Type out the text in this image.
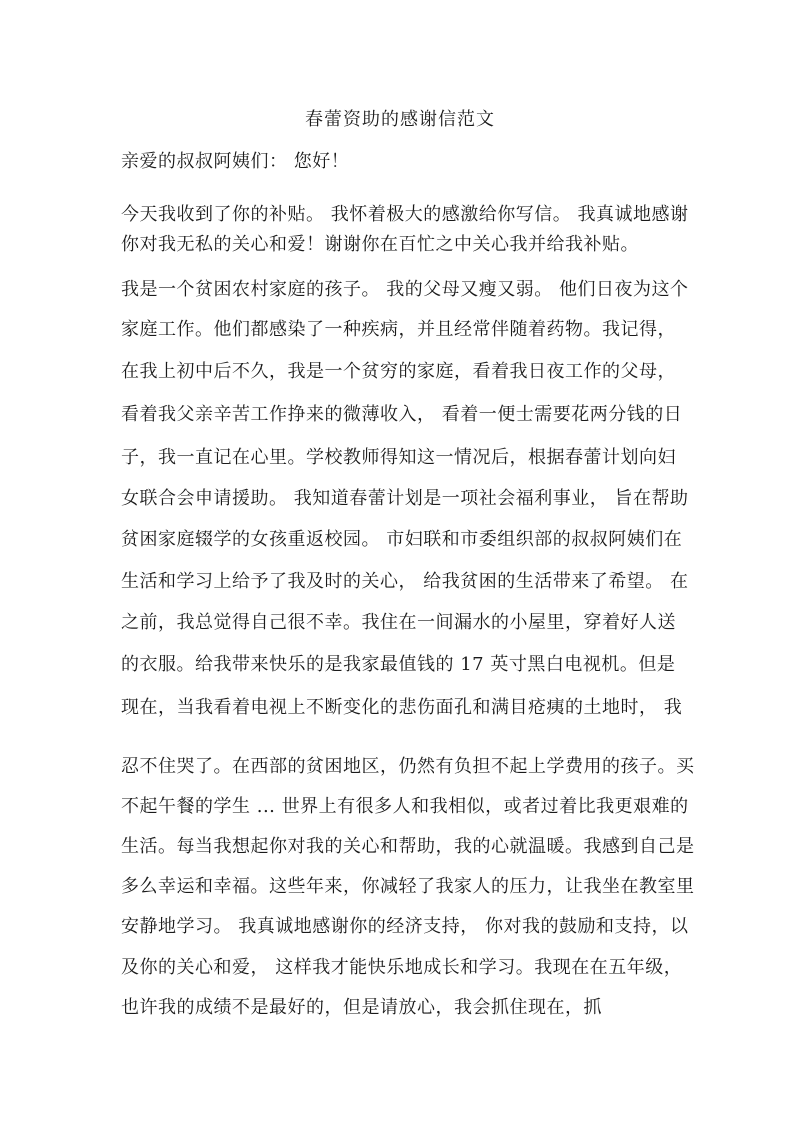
春蕾资助的感谢信范文
亲爱的叔叔阿姨们： 您好！
今天我收到了你的补贴。 我怀着极大的感激给你写信。 我真诚地感谢
你对我无私的关心和爱！谢谢你在百忙之中关心我并给我补贴。
我是一个贫困农村家庭的孩子。 我的父母又瘦又弱。 他们日夜为这个
家庭工作。他们都感染了一种疾病，并且经常伴随着药物。我记得，
在我上初中后不久，我是一个贫穷的家庭，看着我日夜工作的父母，
看着我父亲辛苦工作挣来的微薄收入， 看着一便士需要花两分钱的日
子，我一直记在心里。学校教师得知这一情况后，根据春蕾计划向妇
女联合会申请援助。 我知道春蕾计划是一项社会福利事业， 旨在帮助
贫困家庭辍学的女孩重返校园。 市妇联和市委组织部的叔叔阿姨们在
生活和学习上给予了我及时的关心， 给我贫困的生活带来了希望。 在
之前，我总觉得自己很不幸。我住在一间漏水的小屋里，穿着好人送
的衣服。给我带来快乐的是我家最值钱的 17 英寸黑白电视机。但是
现在，当我看着电视上不断变化的悲伤面孔和满目疮痍的土地时， 我
忍不住哭了。在西部的贫困地区，仍然有负担不起上学费用的孩子。买
不起午餐的学生 ... 世界上有很多人和我相似，或者过着比我更艰难的
生活。每当我想起你对我的关心和帮助，我的心就温暖。我感到自己是
多么幸运和幸福。这些年来，你减轻了我家人的压力，让我坐在教室里
安静地学习。 我真诚地感谢你的经济支持， 你对我的鼓励和支持，以
及你的关心和爱， 这样我才能快乐地成长和学习。我现在在五年级，
也许我的成绩不是最好的，但是请放心，我会抓住现在，抓
